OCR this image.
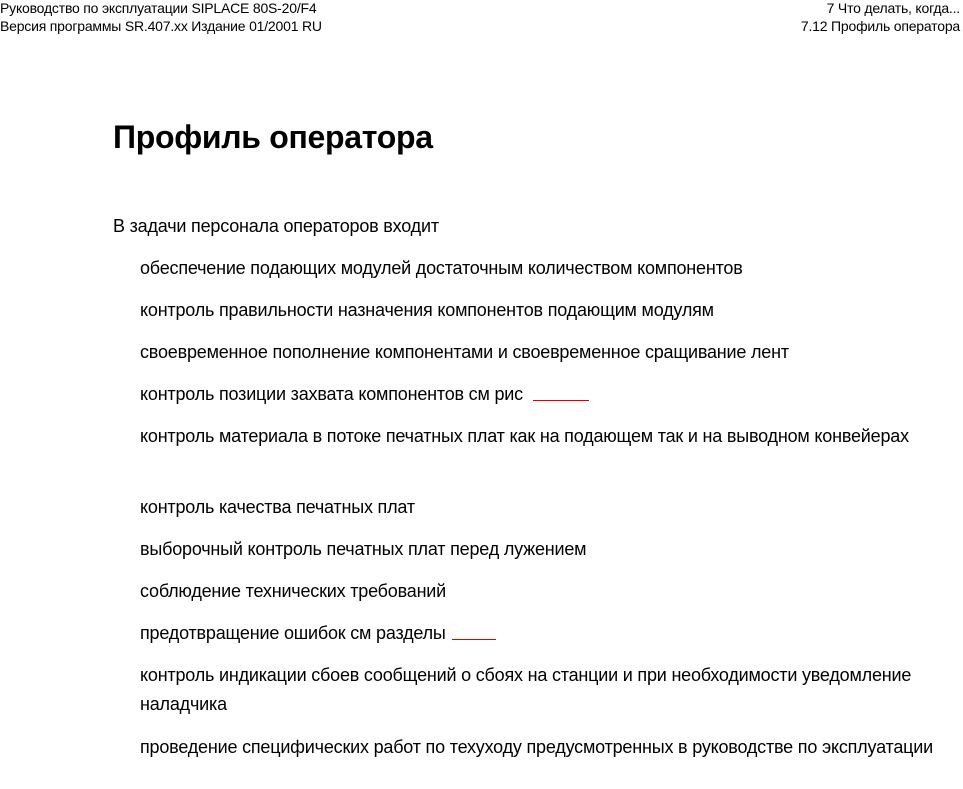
Руководство по эксплуатации SIPLACE 80S-20/F4
Версия программы SR.407.xx Издание 01/2001 RU
7 Что делать, когда...
7.12 Профиль оператора
Профиль оператора
В задачи персонала операторов входит
обеспечение подающих модулей достаточным количеством компонентов
контроль правильности назначения компонентов подающим модулям
своевременное пополнение компонентами и своевременное сращивание лент
контроль позиции захвата компонентов см рис
контроль материала в потоке печатных плат как на подающем так и на выводном конвейерах
контроль качества печатных плат
выборочный контроль печатных плат перед лужением
соблюдение технических требований
предотвращение ошибок см разделы
контроль индикации сбоев сообщений о сбоях на станции и при необходимости уведомление наладчика
проведение специфических работ по техуходу предусмотренных в руководстве по эксплуатации
